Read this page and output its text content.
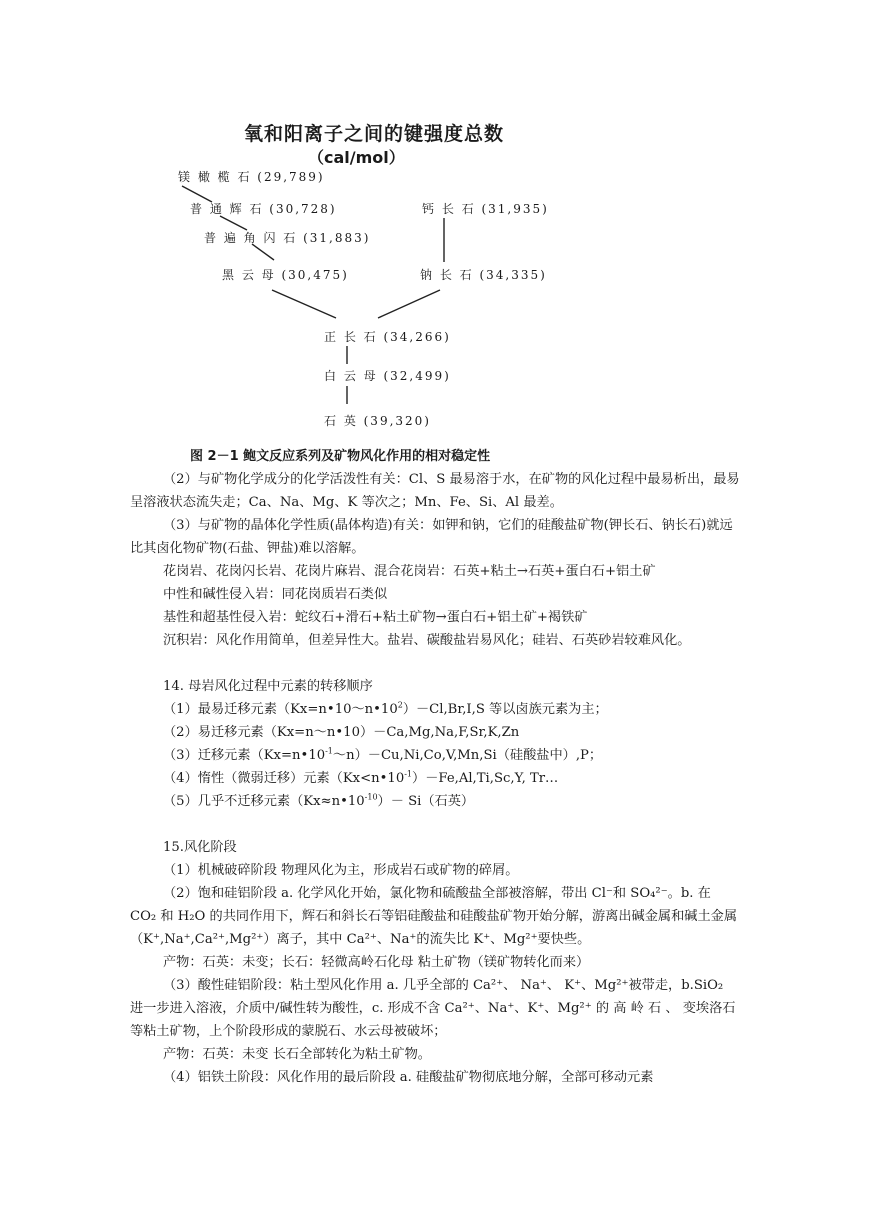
氧和阳离子之间的键强度总数
（cal/mol）
镁 橄 榄 石 (29,789)
普 通 辉 石 (30,728)
普 遍 角 闪 石 (31,883)
黑 云 母 (30,475)
钙 长 石 (31,935)
钠 长 石 (34,335)
正 长 石 (34,266)
白 云 母 (32,499)
石 英 (39,320)
图 2－1 鲍文反应系列及矿物风化作用的相对稳定性

（2）与矿物化学成分的化学活泼性有关：Cl、S 最易溶于水，在矿物的风化过程中最易析出，最易呈溶液状态流失走；Ca、Na、Mg、K 等次之；Mn、Fe、Si、Al 最差。

（3）与矿物的晶体化学性质(晶体构造)有关：如钾和钠，它们的硅酸盐矿物(钾长石、钠长石)就远比其卤化物矿物(石盐、钾盐)难以溶解。

花岗岩、花岗闪长岩、花岗片麻岩、混合花岗岩：石英+粘土→石英+蛋白石+铝土矿

中性和碱性侵入岩：同花岗质岩石类似

基性和超基性侵入岩：蛇纹石+滑石+粘土矿物→蛋白石+铝土矿+褐铁矿

沉积岩：风化作用简单，但差异性大。盐岩、碳酸盐岩易风化；硅岩、石英砂岩较难风化。

14. 母岩风化过程中元素的转移顺序

（1）最易迁移元素$(Kx=n•10\sim n•10^2)-Cl,Br,I,S$ 等以卤族元素为主；

（2）易迁移元素（Kx=n～n•10）－Ca,Mg,Na,F,Sr,K,Zn

（3）迁移元素$(Kx=n•10^{-1}\sim n)-Cu,Ni,Co,V,Mn,Si$（硅酸盐中）,P；

（4）惰性（微弱迁移）元素$(Kx<n•10^{-1})-Fe,Al,Ti,Sc,Y$, Tr…

（5）几乎不迁移元素$(Kx\approx n•10^{-10})- Si$（石英）

15.风化阶段

（1）机械破碎阶段 物理风化为主，形成岩石或矿物的碎屑。

（2）饱和硅铝阶段 a. 化学风化开始，氯化物和硫酸盐全部被溶解，带出 Cl⁻和 SO₄²⁻。b. 在 CO₂ 和 H₂O 的共同作用下，辉石和斜长石等铝硅酸盐和硅酸盐矿物开始分解，游离出碱金属和碱土金属（K⁺,Na⁺,Ca²⁺,Mg²⁺）离子，其中 Ca²⁺、Na⁺的流失比 K⁺、Mg²⁺要快些。

产物：石英：未变；长石：轻微高岭石化母 粘土矿物（镁矿物转化而来）

（3）酸性硅铝阶段：粘土型风化作用 a. 几乎全部的 Ca²⁺、 Na⁺、 K⁺、Mg²⁺被带走，b.SiO₂ 进一步进入溶液，介质中/碱性转为酸性，c. 形成不含 Ca²⁺、Na⁺、K⁺、Mg²⁺ 的 高 岭 石 、 变埃洛石等粘土矿物，上个阶段形成的蒙脱石、水云母被破坏；

产物：石英：未变 长石全部转化为粘土矿物。

（4）铝铁土阶段：风化作用的最后阶段 a. 硅酸盐矿物彻底地分解，全部可移动元素
